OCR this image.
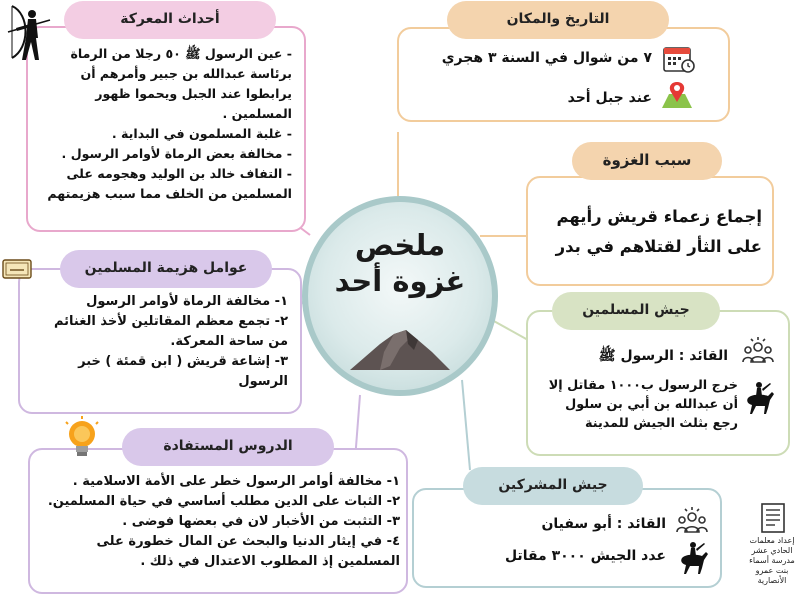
التاريخ والمكان
٧ من شوال في السنة ٣ هجري
عند جبل أحد
سبب الغزوة
إجماع زعماء قريش رأيهم على الثأر لقتلاهم في بدر
جيش المسلمين
القائد : الرسول ﷺ
خرج الرسول ب١٠٠٠ مقاتل إلا أن عبدالله بن أبي بن سلول رجع بثلث الجيش للمدينة
جيش المشركين
القائد : أبو سفيان
عدد الجيش ٣٠٠٠ مقاتل
أحداث المعركة

- عين الرسول ﷺ ٥٠ رجلا من الرماة برئاسة عبدالله بن جبير وأمرهم أن يرابطوا عند الجبل ويحموا ظهور المسلمين .

- غلبة المسلمون في البداية .

- مخالفة بعض الرماة لأوامر الرسول .

- التفاف خالد بن الوليد وهجومه على المسلمين من الخلف مما سبب هزيمتهم

عوامل هزيمة المسلمين

١- مخالفة الرماة لأوامر الرسول

٢- تجمع معظم المقاتلين لأخذ الغنائم من ساحة المعركة.

٣- إشاعة قريش ( ابن قمئة ) خبر الرسول

الدروس المستفادة

١- مخالفة أوامر الرسول خطر على الأمة الاسلامية .

٢- الثبات على الدين مطلب أساسي في حياة المسلمين.

٣- التثبت من الأخبار لان في بعضها فوضى .

٤- في إيثار الدنيا والبحث عن المال خطورة على المسلمين إذ المطلوب الاعتدال في ذلك .

ملخص
غزوة أحد
إعداد معلمات
الحادي عشر
مدرسة أسماء
بنت عمرو
الأنصارية
